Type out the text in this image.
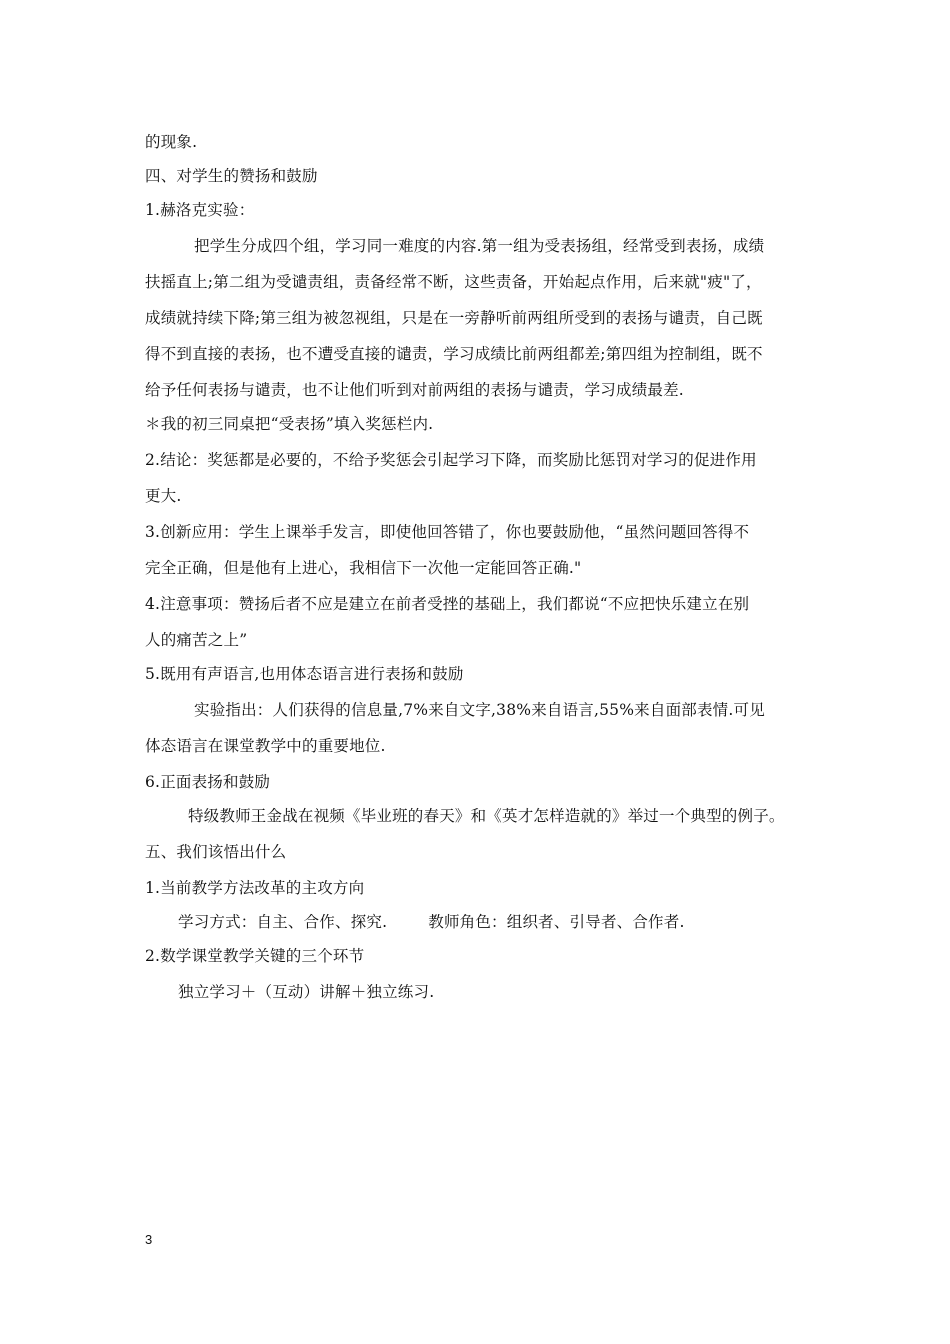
的现象.
四、对学生的赞扬和鼓励
1.赫洛克实验：
把学生分成四个组，学习同一难度的内容.第一组为受表扬组，经常受到表扬，成绩
扶摇直上;第二组为受谴责组，责备经常不断，这些责备，开始起点作用，后来就"疲"了，
成绩就持续下降;第三组为被忽视组，只是在一旁静听前两组所受到的表扬与谴责，自己既
得不到直接的表扬，也不遭受直接的谴责，学习成绩比前两组都差;第四组为控制组，既不
给予任何表扬与谴责，也不让他们听到对前两组的表扬与谴责，学习成绩最差.
＊我的初三同桌把“受表扬”填入奖惩栏内.
2.结论：奖惩都是必要的，不给予奖惩会引起学习下降，而奖励比惩罚对学习的促进作用
更大.
3.创新应用：学生上课举手发言，即使他回答错了，你也要鼓励他，“虽然问题回答得不
完全正确，但是他有上进心，我相信下一次他一定能回答正确."
4.注意事项：赞扬后者不应是建立在前者受挫的基础上，我们都说“不应把快乐建立在别
人的痛苦之上”
5.既用有声语言,也用体态语言进行表扬和鼓励
实验指出：人们获得的信息量,7%来自文字,38%来自语言,55%来自面部表情.可见
体态语言在课堂教学中的重要地位.
6.正面表扬和鼓励
特级教师王金战在视频《毕业班的春天》和《英才怎样造就的》举过一个典型的例子。
五、我们该悟出什么
1.当前教学方法改革的主攻方向
学习方式：自主、合作、探究.        教师角色：组织者、引导者、合作者.
2.数学课堂教学关键的三个环节
独立学习＋（互动）讲解＋独立练习.
3
